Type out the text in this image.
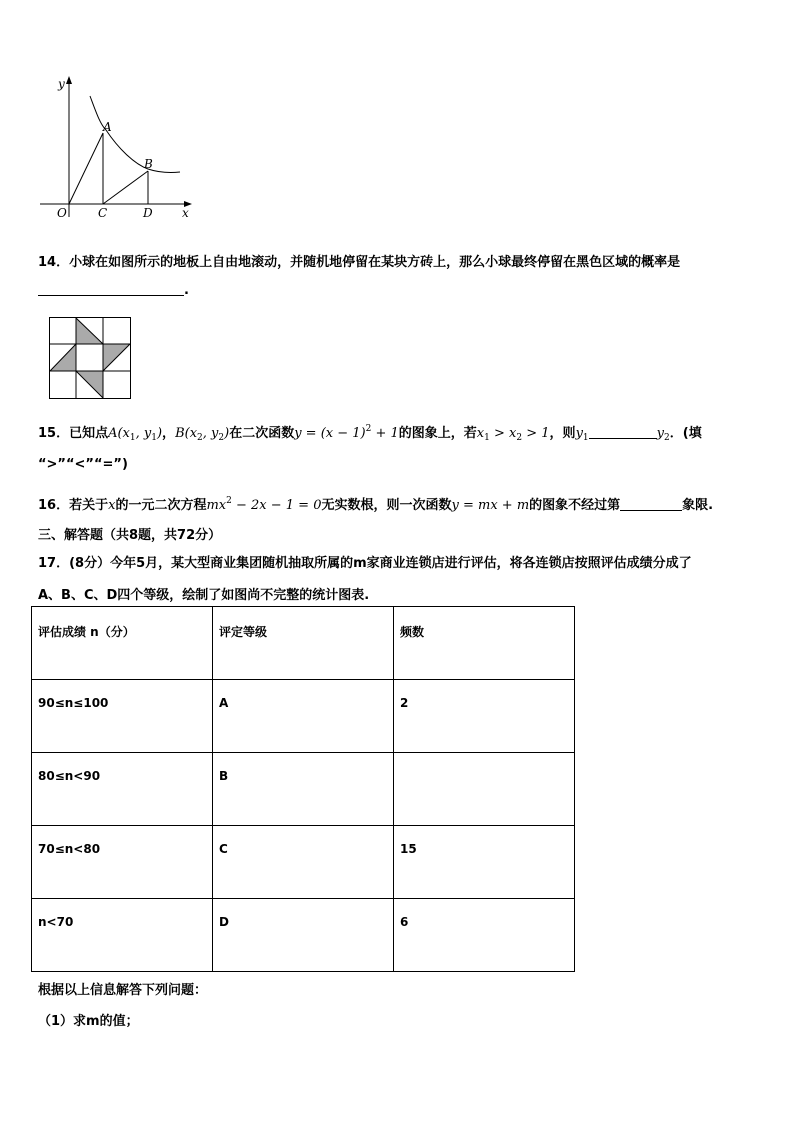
y
x
O
A
B
C	D
14．小球在如图所示的地板上自由地滚动，并随机地停留在某块方砖上，那么小球最终停留在黑色区域的概率是
.
15．已知点$A(x_1$, $y_1$)，$B(x_2$, $y_2$)在二次函数$y = (x - 1)^2 + 1$的图象上，若$x_1 > x_2 > 1$，则$y_1$	$y_2$．(填
“>”“<”“=”)
16．若关于x的一元二次方程$mx^2 - 2x - 1 = 0$无实数根，则一次函数y = mx + m的图象不经过第	象限.
三、解答题（共8题，共72分）
17．(8分）今年5月，某大型商业集团随机抽取所属的m家商业连锁店进行评估，将各连锁店按照评估成绩分成了
A、B、C、D四个等级，绘制了如图尚不完整的统计图表.
评估成绩 n（分）	评定等级	频数
90≤n≤100	A	2
80≤n<90	B	
70≤n<80	C	15
n<70	D	6
根据以上信息解答下列问题：
（1）求m的值；
